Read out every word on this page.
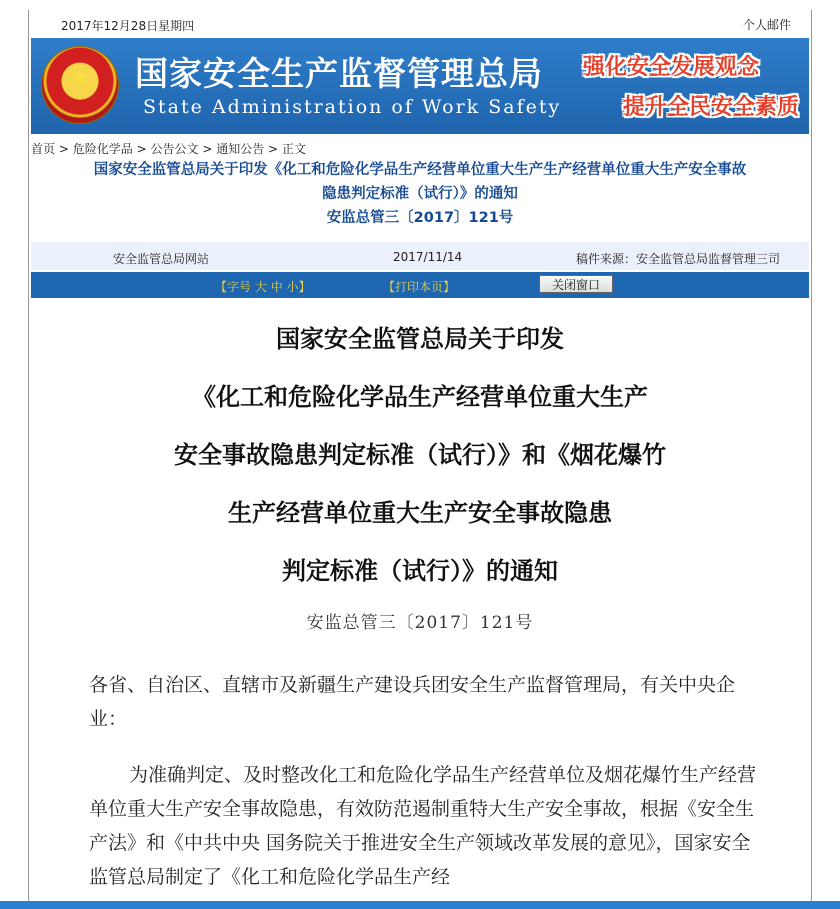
2017年12月28日星期四	个人邮件
★	国家安全生产监督管理总局
State Administration of Work Safety
强化安全发展观念
提升全民安全素质
首页 > 危险化学品 > 公告公文 > 通知公告 > 正文
国家安全监管总局关于印发《化工和危险化学品生产经营单位重大生产生产经营单位重大生产安全事故
隐患判定标准（试行）》的通知
安监总管三〔2017〕121号
安全监管总局网站	2017/11/14	稿件来源：安全监管总局监督管理三司
【字号 大 中 小】	【打印本页】	关闭窗口
国家安全监管总局关于印发
《化工和危险化学品生产经营单位重大生产
安全事故隐患判定标准（试行）》和《烟花爆竹
生产经营单位重大生产安全事故隐患
判定标准（试行）》的通知
安监总管三〔2017〕121号

各省、自治区、直辖市及新疆生产建设兵团安全生产监督管理局，有关中央企业：

为准确判定、及时整改化工和危险化学品生产经营单位及烟花爆竹生产经营单位重大生产安全事故隐患，有效防范遏制重特大生产安全事故，根据《安全生产法》和《中共中央 国务院关于推进安全生产领域改革发展的意见》，国家安全监管总局制定了《化工和危险化学品生产经
